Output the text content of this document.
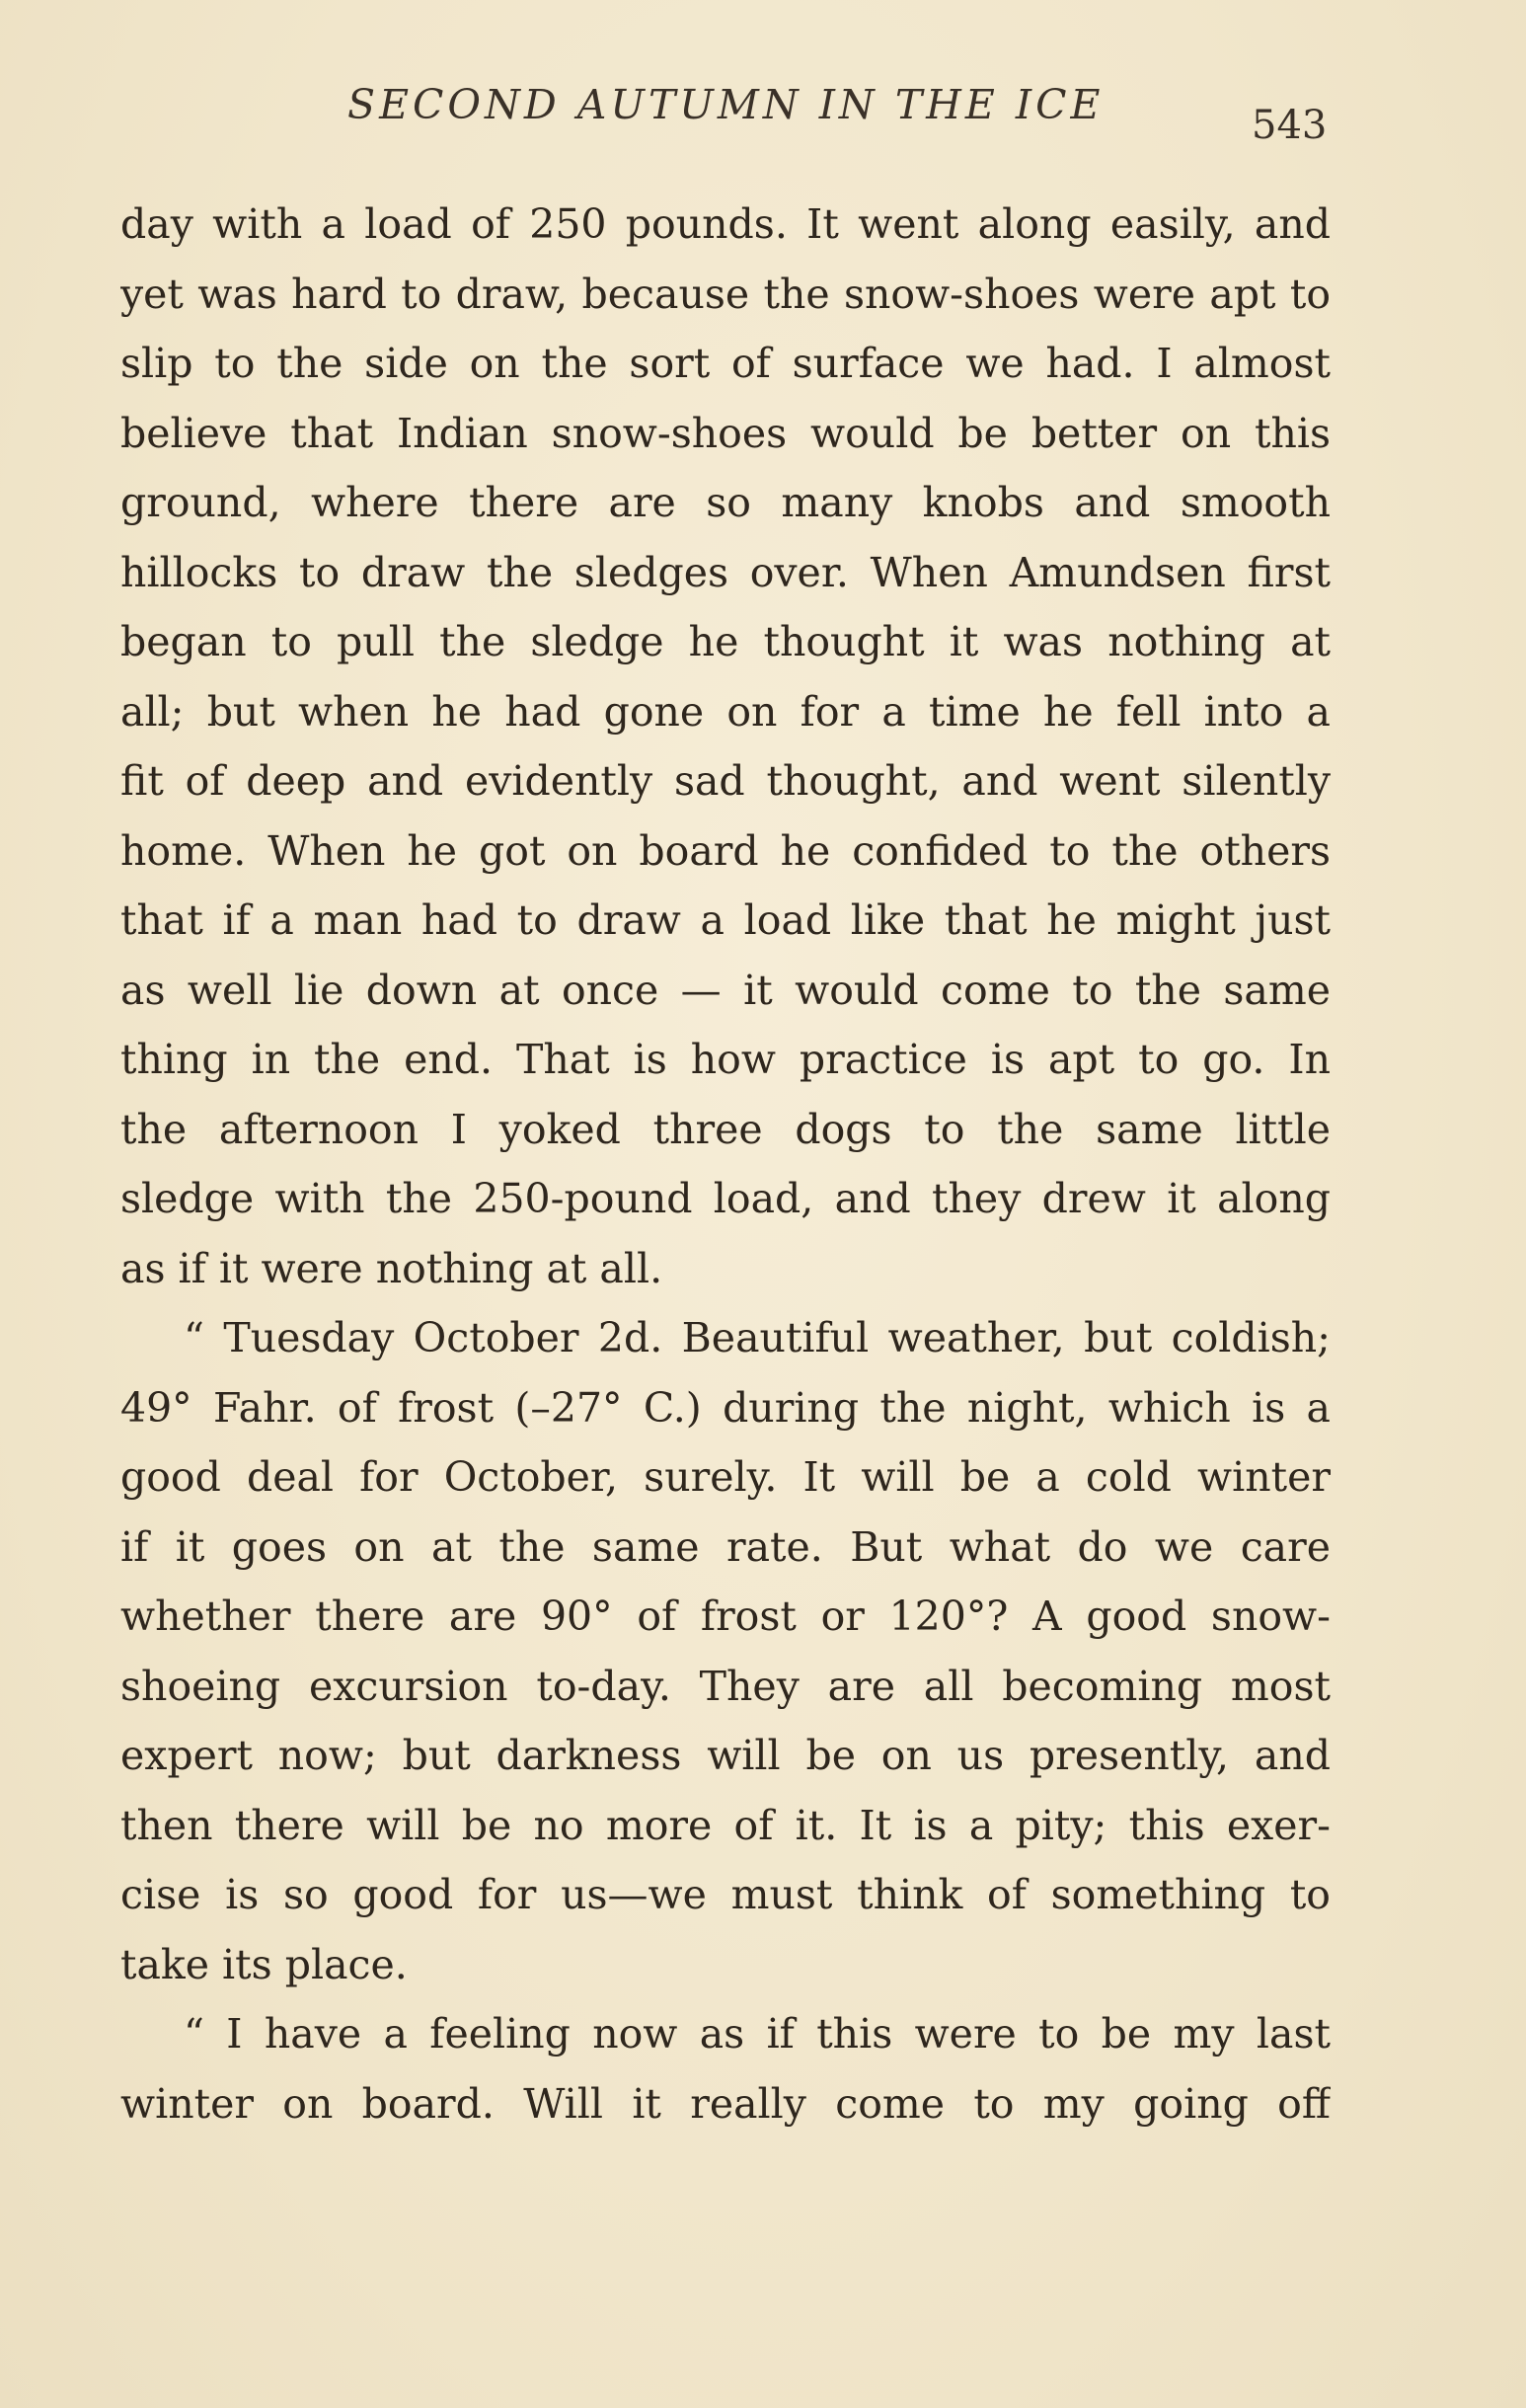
SECOND AUTUMN IN THE ICE	543
day with a load of 250 pounds. It went along easily, and
yet was hard to draw, because the snow-shoes were apt to
slip to the side on the sort of surface we had. I almost
believe that Indian snow-shoes would be better on this
ground, where there are so many knobs and smooth
hillocks to draw the sledges over. When Amundsen first
began to pull the sledge he thought it was nothing at
all; but when he had gone on for a time he fell into a
fit of deep and evidently sad thought, and went silently
home. When he got on board he confided to the others
that if a man had to draw a load like that he might just
as well lie down at once — it would come to the same
thing in the end. That is how practice is apt to go. In
the afternoon I yoked three dogs to the same little
sledge with the 250-pound load, and they drew it along
as if it were nothing at all.
“ Tuesday October 2d. Beautiful weather, but coldish;
49° Fahr. of frost (–27° C.) during the night, which is a
good deal for October, surely. It will be a cold winter
if it goes on at the same rate. But what do we care
whether there are 90° of frost or 120°? A good snow-
shoeing excursion to-day. They are all becoming most
expert now; but darkness will be on us presently, and
then there will be no more of it. It is a pity; this exer-
cise is so good for us—we must think of something to
take its place.
“ I have a feeling now as if this were to be my last
winter on board. Will it really come to my going off
